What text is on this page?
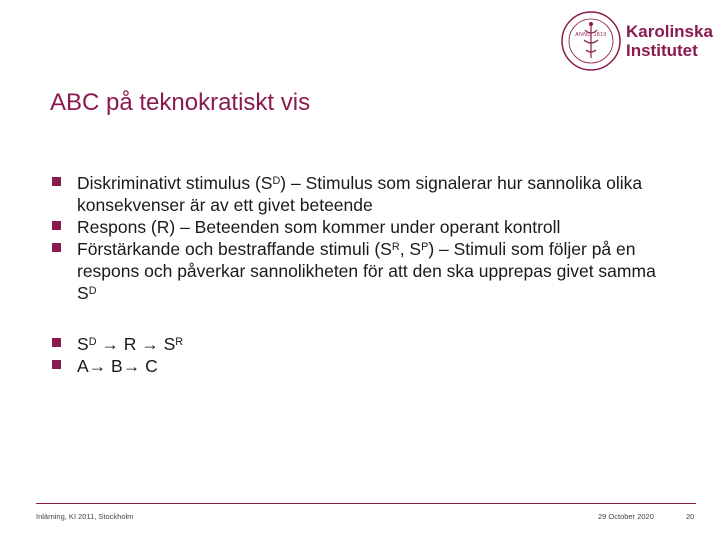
ANNO 1810	Karolinska
Institutet
ABC på teknokratiskt vis
Diskriminativt stimulus $(S^D)$ – Stimulus som signalerar hur sannolika olika konsekvenser är av ett givet beteende
Respons (R) – Beteenden som kommer under operant kontroll
Förstärkande och bestraffande stimuli ($S^R$, $S^P$) – Stimuli som följer på en respons och påverkar sannolikheten för att den ska upprepas givet samma $S^D$
$S^D \to R \to S^R$
A→ B→ C
Inlärning, KI 2011, Stockholm	29 October 2020	20
